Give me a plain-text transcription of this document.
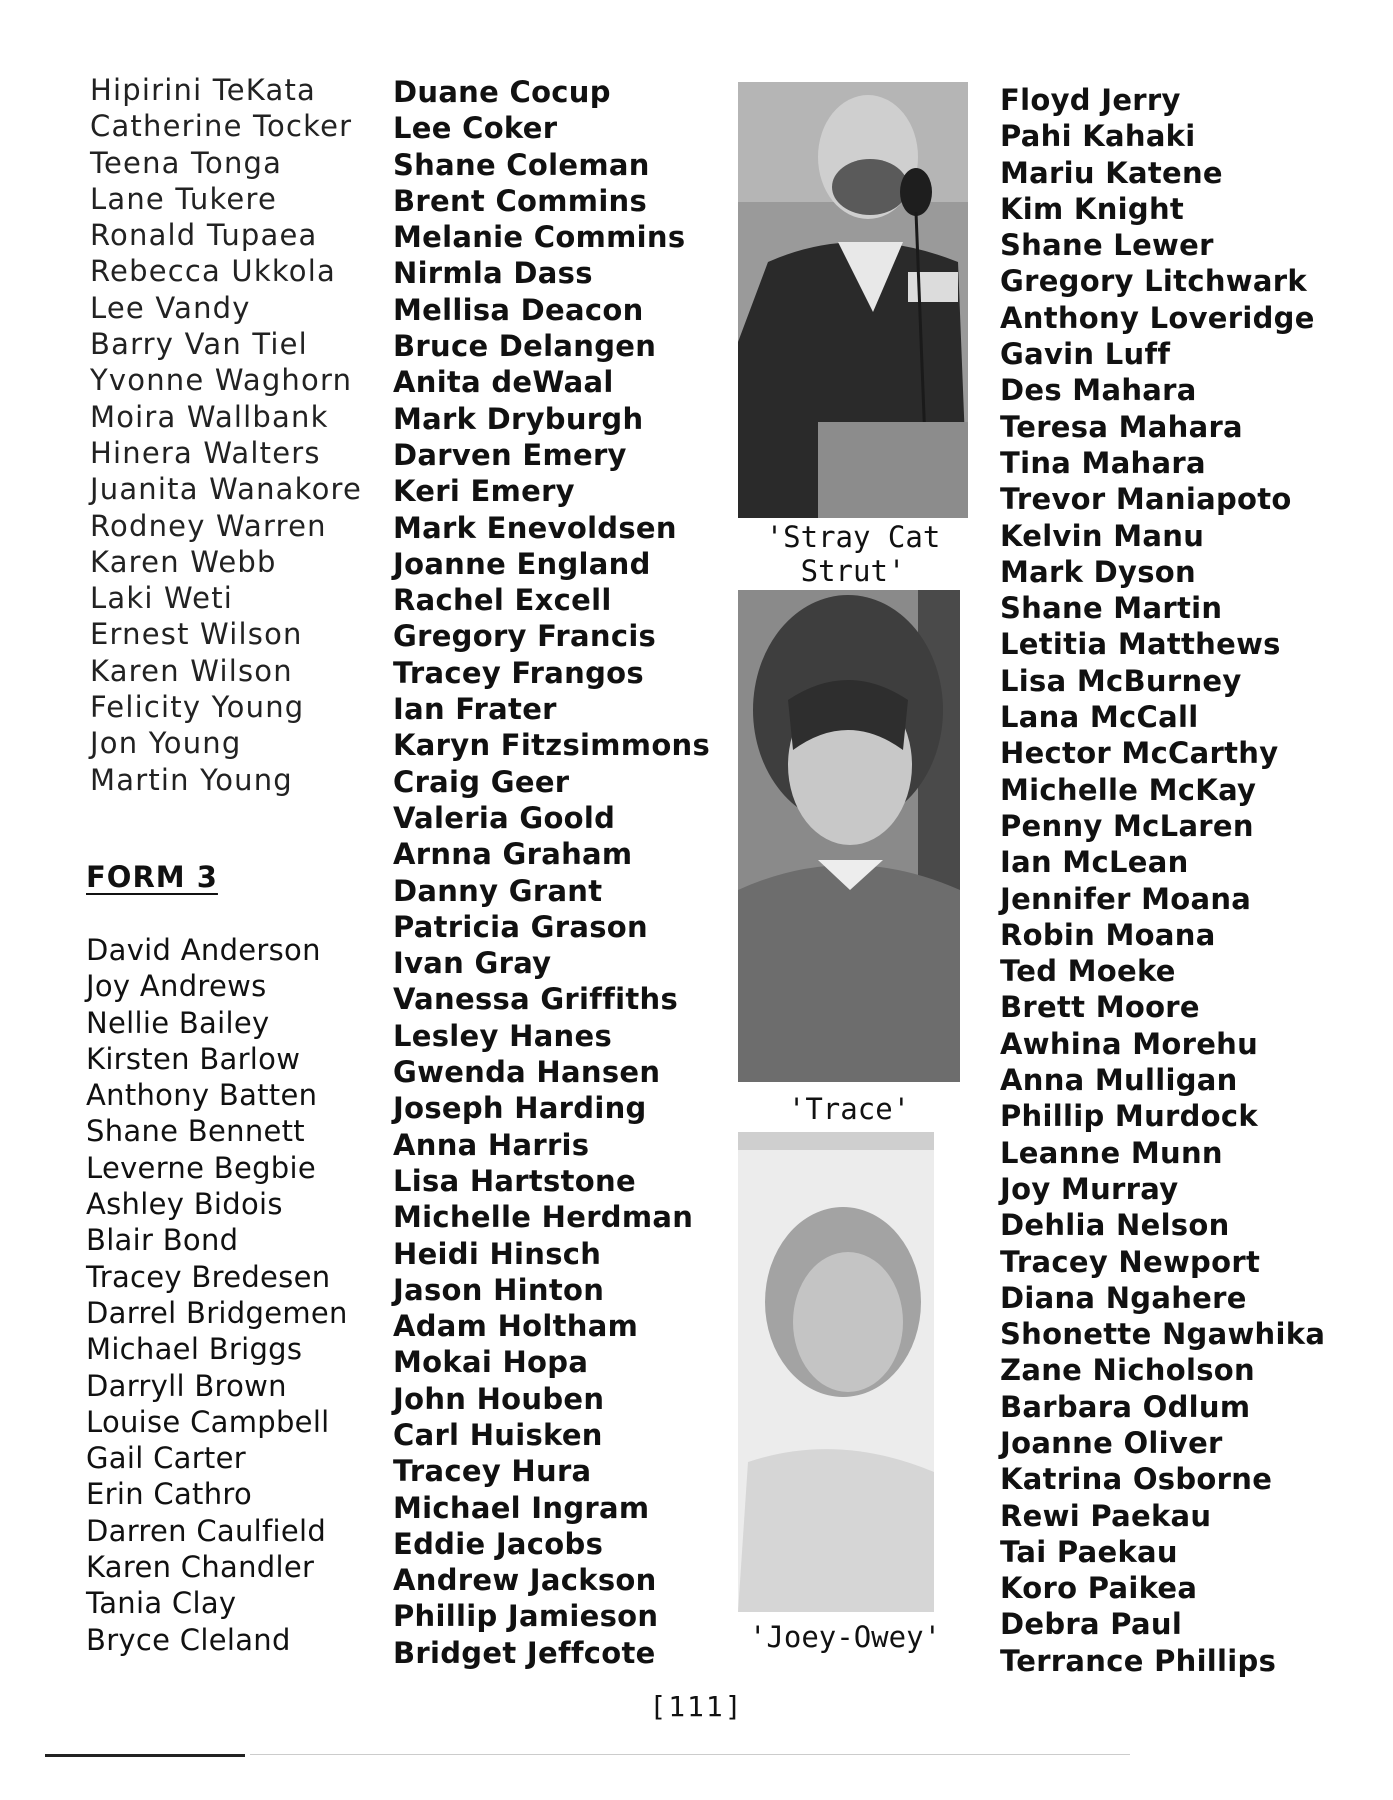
Hipirini TeKata
Catherine Tocker
Teena Tonga
Lane Tukere
Ronald Tupaea
Rebecca Ukkola
Lee Vandy
Barry Van Tiel
Yvonne Waghorn
Moira Wallbank
Hinera Walters
Juanita Wanakore
Rodney Warren
Karen Webb
Laki Weti
Ernest Wilson
Karen Wilson
Felicity Young
Jon Young
Martin Young
FORM 3
David Anderson
Joy Andrews
Nellie Bailey
Kirsten Barlow
Anthony Batten
Shane Bennett
Leverne Begbie
Ashley Bidois
Blair Bond
Tracey Bredesen
Darrel Bridgemen
Michael Briggs
Darryll Brown
Louise Campbell
Gail Carter
Erin Cathro
Darren Caulfield
Karen Chandler
Tania Clay
Bryce Cleland
Duane Cocup
Lee Coker
Shane Coleman
Brent Commins
Melanie Commins
Nirmla Dass
Mellisa Deacon
Bruce Delangen
Anita deWaal
Mark Dryburgh
Darven Emery
Keri Emery
Mark Enevoldsen
Joanne England
Rachel Excell
Gregory Francis
Tracey Frangos
Ian Frater
Karyn Fitzsimmons
Craig Geer
Valeria Goold
Arnna Graham
Danny Grant
Patricia Grason
Ivan Gray
Vanessa Griffiths
Lesley Hanes
Gwenda Hansen
Joseph Harding
Anna Harris
Lisa Hartstone
Michelle Herdman
Heidi Hinsch
Jason Hinton
Adam Holtham
Mokai Hopa
John Houben
Carl Huisken
Tracey Hura
Michael Ingram
Eddie Jacobs
Andrew Jackson
Phillip Jamieson
Bridget Jeffcote
'Stray Cat
Strut'
'Trace'
'Joey-Owey'
Floyd Jerry
Pahi Kahaki
Mariu Katene
Kim Knight
Shane Lewer
Gregory Litchwark
Anthony Loveridge
Gavin Luff
Des Mahara
Teresa Mahara
Tina Mahara
Trevor Maniapoto
Kelvin Manu
Mark Dyson
Shane Martin
Letitia Matthews
Lisa McBurney
Lana McCall
Hector McCarthy
Michelle McKay
Penny McLaren
Ian McLean
Jennifer Moana
Robin Moana
Ted Moeke
Brett Moore
Awhina Morehu
Anna Mulligan
Phillip Murdock
Leanne Munn
Joy Murray
Dehlia Nelson
Tracey Newport
Diana Ngahere
Shonette Ngawhika
Zane Nicholson
Barbara Odlum
Joanne Oliver
Katrina Osborne
Rewi Paekau
Tai Paekau
Koro Paikea
Debra Paul
Terrance Phillips
[111]
